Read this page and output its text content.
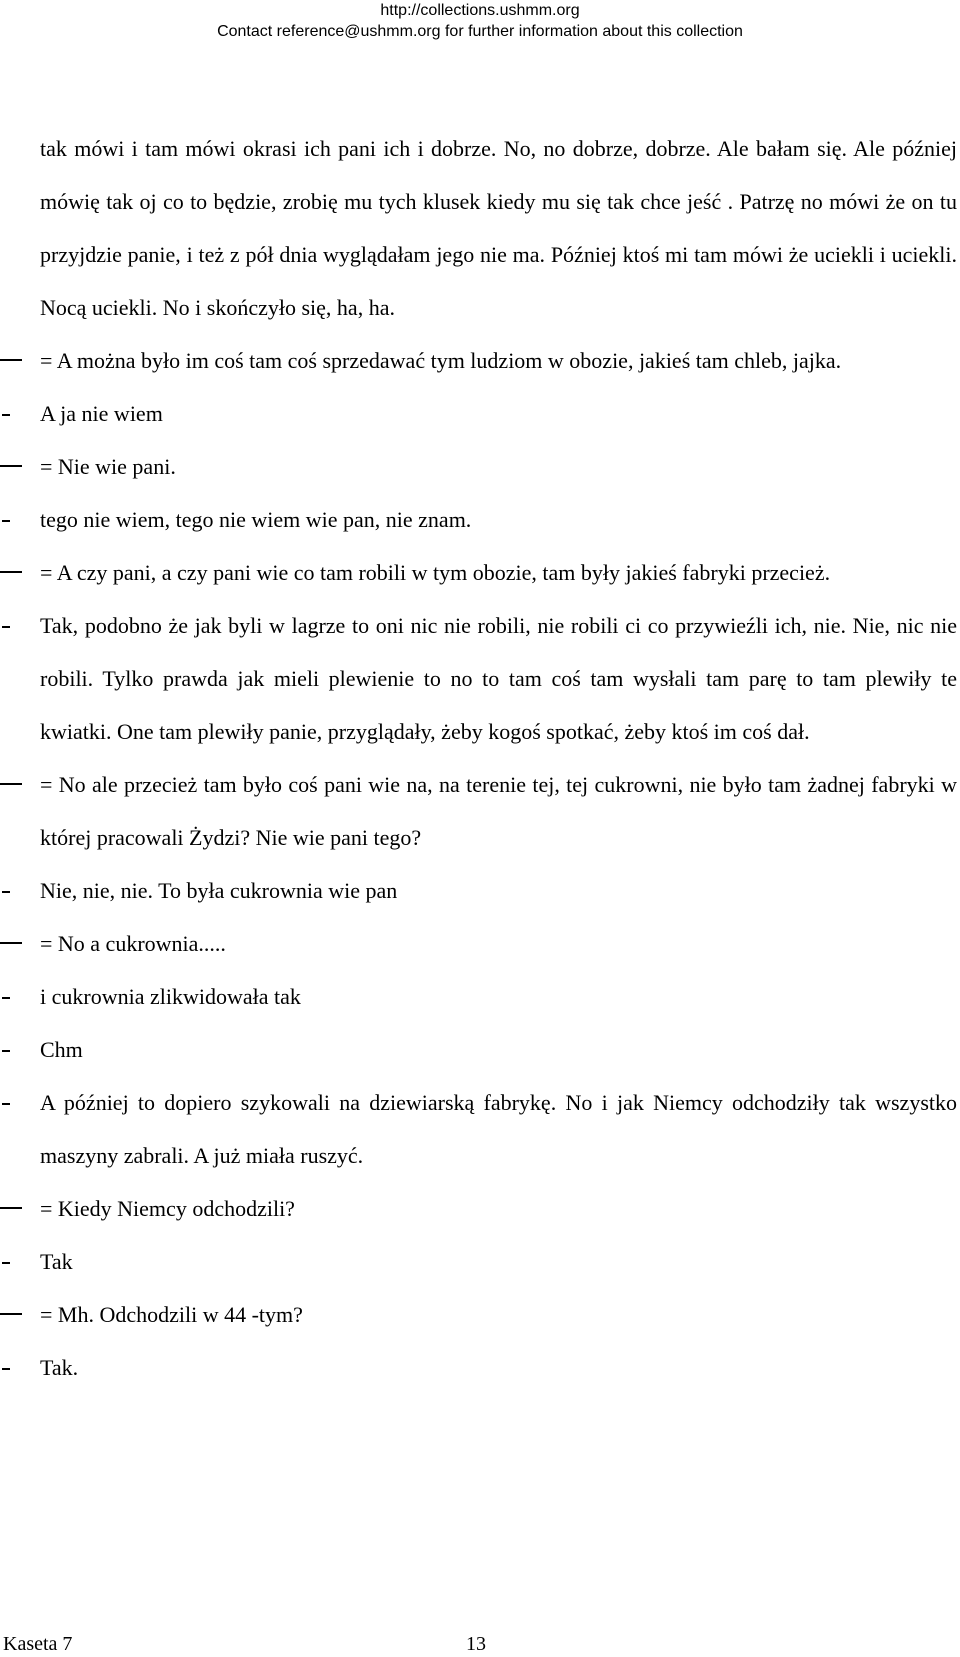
http://collections.ushmm.org
Contact reference@ushmm.org for further information about this collection
tak mówi i tam mówi okrasi ich pani ich i dobrze. No, no dobrze, dobrze. Ale bałam się. Ale później mówię tak oj co to będzie, zrobię mu tych klusek kiedy mu się tak chce jeść . Patrzę no mówi że on tu przyjdzie panie, i też z pół dnia wyglądałam jego nie ma. Później ktoś mi tam mówi że uciekli i uciekli. Nocą uciekli. No i skończyło się, ha, ha.
= A można było im coś tam coś sprzedawać tym ludziom w obozie, jakieś tam chleb, jajka.
A ja nie wiem
= Nie wie pani.
tego nie wiem, tego nie wiem wie pan, nie znam.
= A czy pani, a czy pani wie co tam robili w tym obozie, tam były jakieś fabryki przecież.
Tak, podobno że jak byli w lagrze to oni nic nie robili, nie robili ci co przywieźli ich, nie. Nie, nic nie robili. Tylko prawda jak mieli plewienie to no to tam coś tam wysłali tam parę to tam plewiły te kwiatki. One tam plewiły panie, przyglądały, żeby kogoś spotkać, żeby ktoś im coś dał.
= No ale przecież tam było coś pani wie na, na terenie tej, tej cukrowni, nie było tam żadnej fabryki w której pracowali Żydzi? Nie wie pani tego?
Nie, nie, nie. To była cukrownia wie pan
= No a cukrownia.....
i cukrownia zlikwidowała tak
Chm
A później to dopiero szykowali na dziewiarską fabrykę. No i jak Niemcy odchodziły tak wszystko maszyny zabrali. A już miała ruszyć.
= Kiedy Niemcy odchodzili?
Tak
= Mh. Odchodzili w 44 -tym?
Tak.
Kaseta 7	13
